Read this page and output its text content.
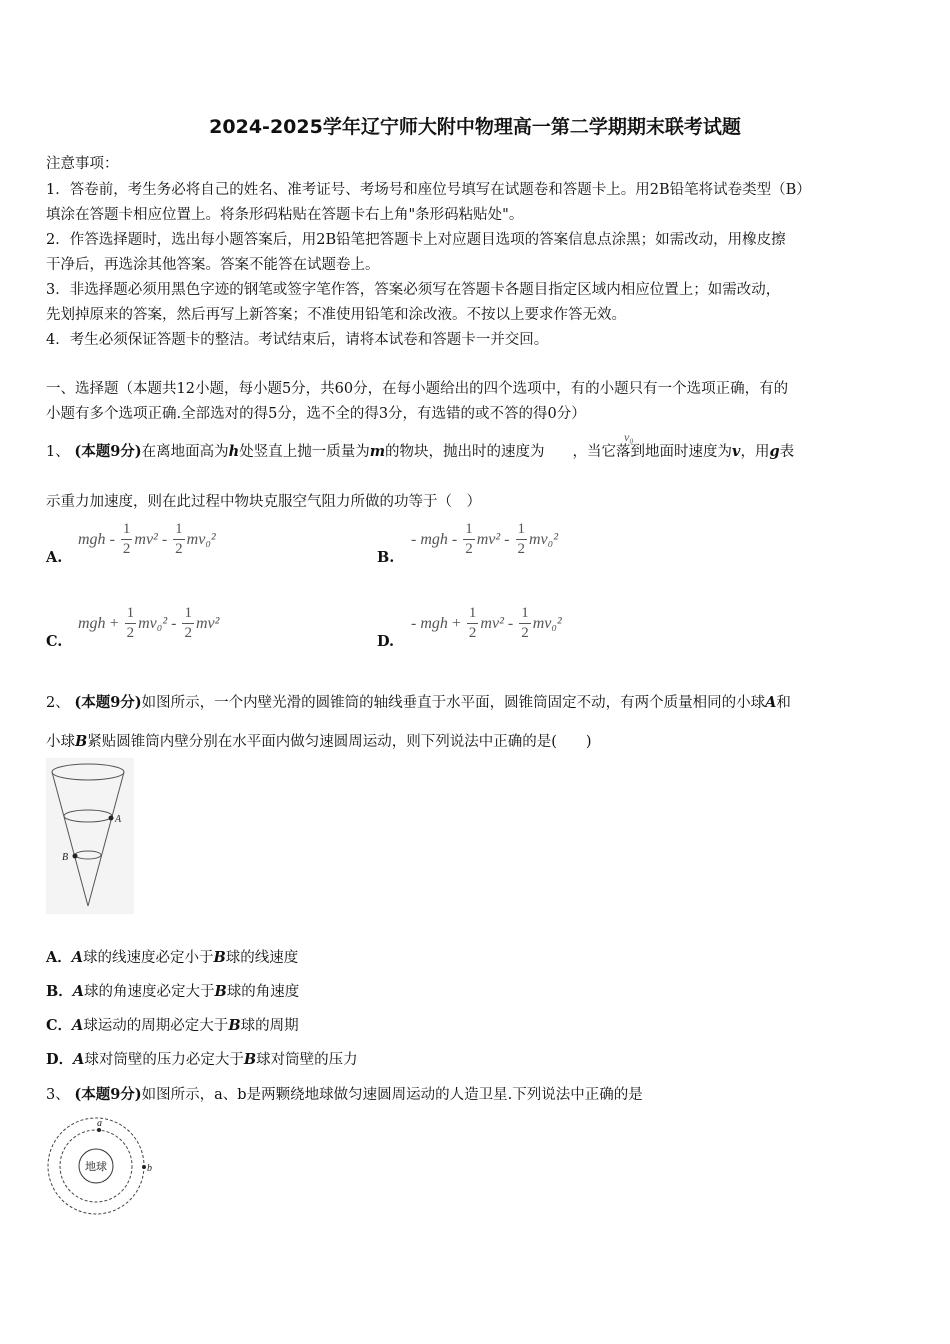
2024-2025学年辽宁师大附中物理高一第二学期期末联考试题
注意事项：
1．答卷前，考生务必将自己的姓名、准考证号、考场号和座位号填写在试题卷和答题卡上。用2B铅笔将试卷类型（B）
填涂在答题卡相应位置上。将条形码粘贴在答题卡右上角"条形码粘贴处"。
2．作答选择题时，选出每小题答案后，用2B铅笔把答题卡上对应题目选项的答案信息点涂黑；如需改动，用橡皮擦
干净后，再选涂其他答案。答案不能答在试题卷上。
3．非选择题必须用黑色字迹的钢笔或签字笔作答，答案必须写在答题卡各题目指定区域内相应位置上；如需改动，
先划掉原来的答案，然后再写上新答案；不准使用铅笔和涂改液。不按以上要求作答无效。
4．考生必须保证答题卡的整洁。考试结束后，请将本试卷和答题卡一并交回。
一、选择题（本题共12小题，每小题5分，共60分，在每小题给出的四个选项中，有的小题只有一个选项正确，有的
小题有多个选项正确.全部选对的得5分，选不全的得3分，有选错的或不答的得0分）
1、 (本题9分)在离地面高为h处竖直上抛一质量为m的物块，抛出时的速度为 ，当它落到地面时速度为v，用g表
v₀
示重力加速度，则在此过程中物块克服空气阻力所做的功等于（　）
A.
mgh - $\frac{1}{2} mv^2 - \frac{1}{2} mv_0^2$
B.
- mgh - $\frac{1}{2} mv^2 - \frac{1}{2} mv_0^2$
C.
mgh + $\frac{1}{2} mv_0^2 - \frac{1}{2} mv^2$
D.
- mgh + $\frac{1}{2} mv^2 - \frac{1}{2} mv_0^2$
2、 (本题9分)如图所示，一个内壁光滑的圆锥筒的轴线垂直于水平面，圆锥筒固定不动，有两个质量相同的小球A和
小球B紧贴圆锥筒内壁分别在水平面内做匀速圆周运动，则下列说法中正确的是(　　)
A
B
A．A球的线速度必定小于B球的线速度
B．A球的角速度必定大于B球的角速度
C．A球运动的周期必定大于B球的周期
D．A球对筒壁的压力必定大于B球对筒壁的压力
3、 (本题9分)如图所示，a、b是两颗绕地球做匀速圆周运动的人造卫星.下列说法中正确的是
地球
a
b
